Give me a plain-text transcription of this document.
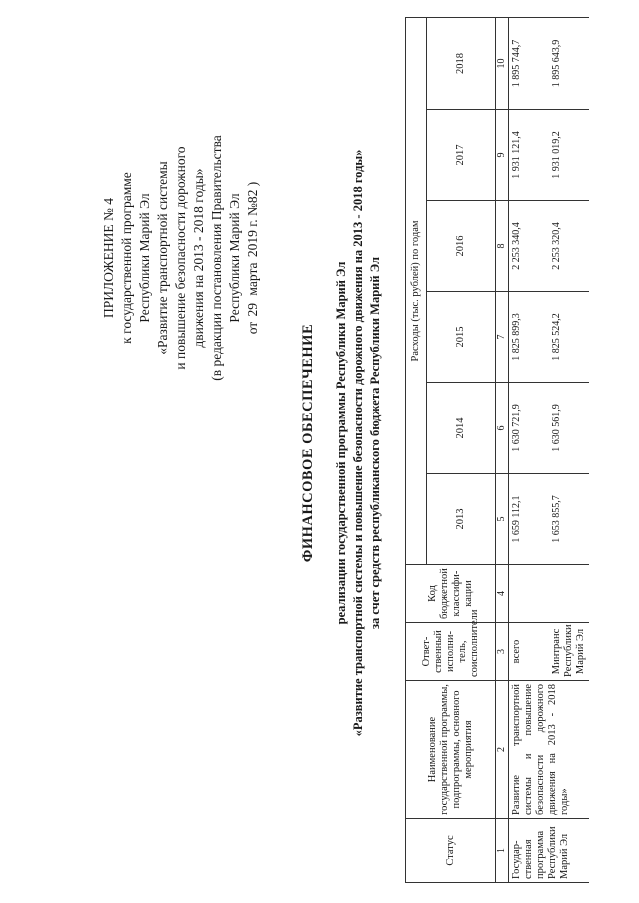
ПРИЛОЖЕНИЕ № 4 к государственной программе Республики Марий Эл «Развитие транспортной системы и повышение безопасности дорожного движения на 2013 - 2018 годы» (в редакции постановления Правительства Республики Марий Эл
от 29 марта 2019 г. №82 )
ФИНАНСОВОЕ ОБЕСПЕЧЕНИЕ реализации государственной программы Республики Марий Эл «Развитие транспортной системы и повышение безопасности дорожного движения на 2013 - 2018 годы» за счет средств республиканского бюджета Республики Марий Эл
Статус	Наименование государственной программы, подпрограммы, основного мероприятия	Ответ-ственный исполни-тель, соисполнители	Код бюджетной классифи-кации	Расходы (тыс. рублей) по годам					
				2013	2014	2015	2016	2017	2018
1	2	3	4	5	6	7	8	9	10
Государ-ственная программа Республики Марий Эл	Развитие транспортной системы и повышение безопасности дорожного движения на 2013 - 2018 годы»	всего		1 659 112,1	1 630 721,9	1 825 899,3	2 253 340,4	1 931 121,4	1 895 744,7
		Минтранс Республики Марий Эл		1 653 855,7	1 630 561,9	1 825 524,2	2 253 320,4	1 931 019,2	1 895 643,9
